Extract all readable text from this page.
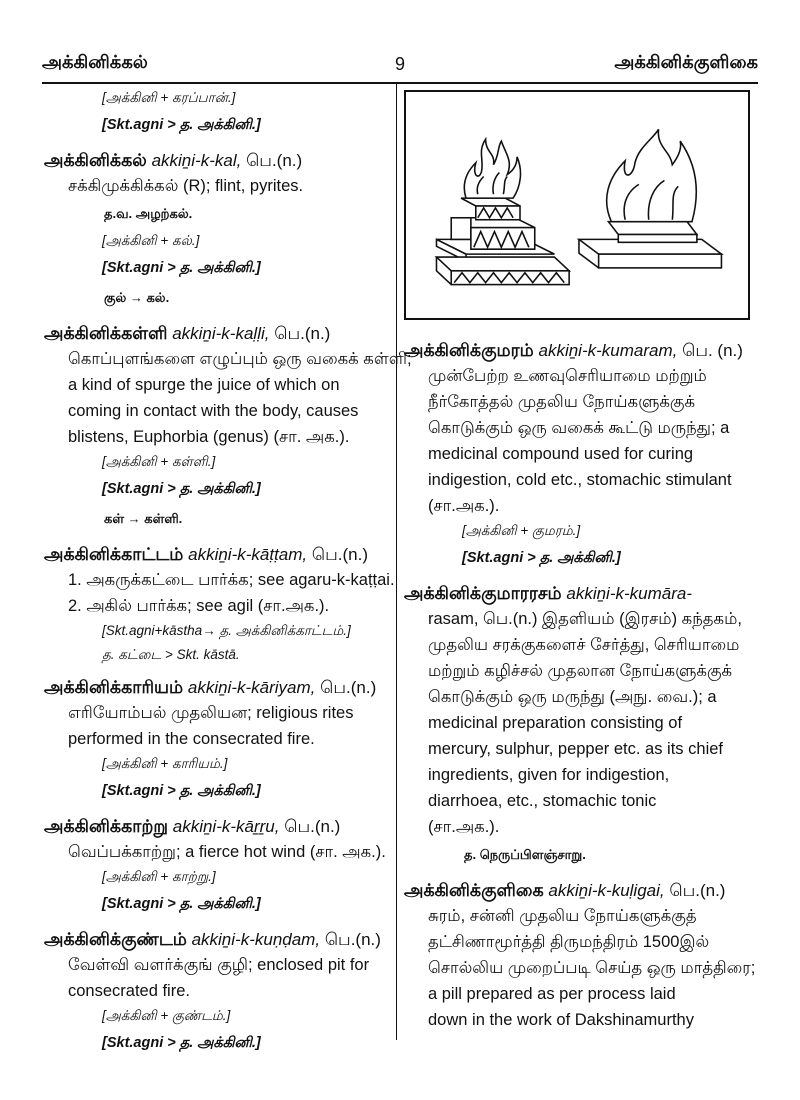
அக்கினிக்கல்	9	அக்கினிக்குளிகை
[அக்கினி + கரப்பான்.]
[Skt.agni > த. அக்கினி.]
அக்கினிக்கல் akkiṉi-k-kal, பெ.(n.)
சக்கிமுக்கிக்கல் (R); flint, pyrites.
த.வ. அழற்கல்.
[அக்கினி + கல்.]
[Skt.agni > த. அக்கினி.]
குல் → கல்.
அக்கினிக்கள்ளி akkiṉi-k-kaḷḷi, பெ.(n.)
கொப்புளங்களை எழுப்பும் ஒரு வகைக் கள்ளி;
a kind of spurge the juice of which on
coming in contact with the body, causes
blistens, Euphorbia (genus) (சா. அக.).
[அக்கினி + கள்ளி.]
[Skt.agni > த. அக்கினி.]
கள் → கள்ளி.
அக்கினிக்காட்டம் akkiṉi-k-kāṭṭam, பெ.(n.)
1. அகருக்கட்டை பார்க்க; see agaru-k-kaṭṭai.
2. அகில் பார்க்க; see agil (சா.அக.).
[Skt.agni+kāstha→ த. அக்கினிக்காட்டம்.]
த. கட்டை > Skt. kāstā.
அக்கினிக்காரியம் akkiṉi-k-kāriyam, பெ.(n.)
எரியோம்பல் முதலியன; religious rites
performed in the consecrated fire.
[அக்கினி + காரியம்.]
[Skt.agni > த. அக்கினி.]
அக்கினிக்காற்று akkiṉi-k-kāṟṟu, பெ.(n.)
வெப்பக்காற்று; a fierce hot wind (சா. அக.).
[அக்கினி + காற்று.]
[Skt.agni > த. அக்கினி.]
அக்கினிக்குண்டம் akkiṉi-k-kuṇḍam, பெ.(n.)
வேள்வி வளர்க்குங் குழி; enclosed pit for
consecrated fire.
[அக்கினி + குண்டம்.]
[Skt.agni > த. அக்கினி.]
அக்கினிக்குமரம் akkiṉi-k-kumaram, பெ. (n.)
முன்பேற்ற உணவுசெரியாமை மற்றும்
நீர்கோத்தல் முதலிய நோய்களுக்குக்
கொடுக்கும் ஒரு வகைக் கூட்டு மருந்து; a
medicinal compound used for curing
indigestion, cold etc., stomachic stimulant
(சா.அக.).
[அக்கினி + குமரம்.]
[Skt.agni > த. அக்கினி.]
அக்கினிக்குமாரரசம் akkiṉi-k-kumāra-
rasam, பெ.(n.) இதளியம் (இரசம்) கந்தகம்,
முதலிய சரக்குகளைச் சேர்த்து, செரியாமை
மற்றும் கழிச்சல் முதலான நோய்களுக்குக்
கொடுக்கும் ஒரு மருந்து (அநு. வை.); a
medicinal preparation consisting of
mercury, sulphur, pepper etc. as its chief
ingredients, given for indigestion,
diarrhoea, etc., stomachic tonic
(சா.அக.).
த. நெருப்பிளஞ்சாறு.
அக்கினிக்குளிகை akkiṉi-k-kuḷigai, பெ.(n.)
சுரம், சன்னி முதலிய நோய்களுக்குத்
தட்சிணாமூர்த்தி திருமந்திரம் 1500இல்
சொல்லிய முறைப்படி செய்த ஒரு மாத்திரை;
a pill prepared as per process laid
down in the work of Dakshinamurthy
